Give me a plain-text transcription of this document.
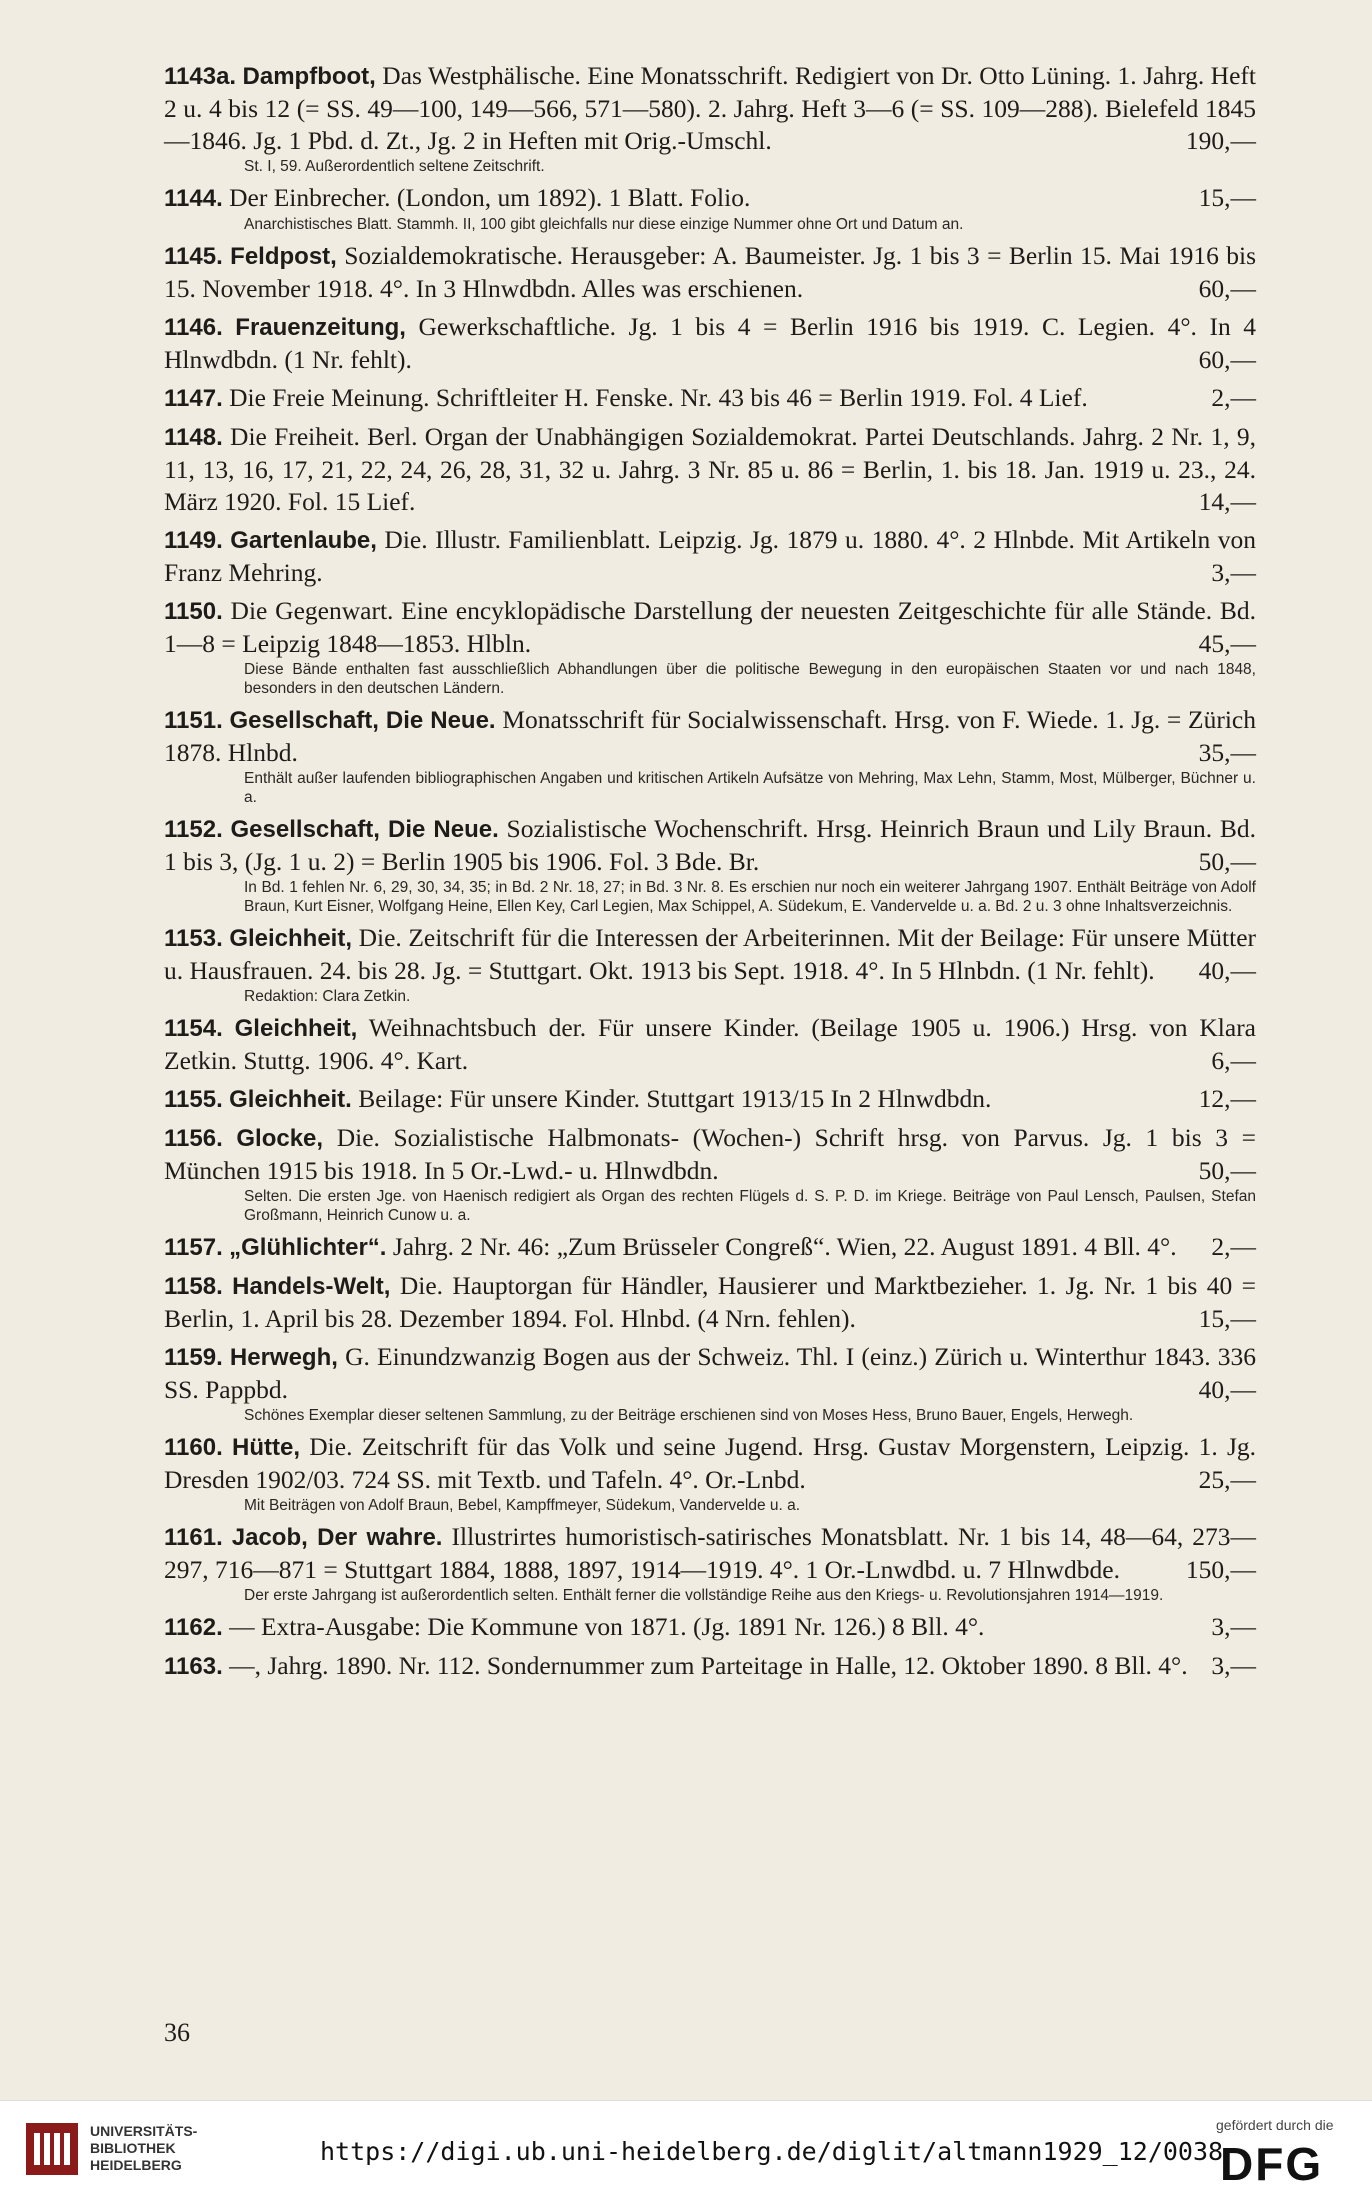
1143a. Dampfboot, Das Westphälische. Eine Monatsschrift. Redigiert von Dr. Otto Lüning. 1. Jahrg. Heft 2 u. 4 bis 12 (= SS. 49—100, 149—566, 571—580). 2. Jahrg. Heft 3—6 (= SS. 109—288). Bielefeld 1845—1846. Jg. 1 Pbd. d. Zt., Jg. 2 in Heften mit Orig.-Umschl.	190,—
St. I, 59. Außerordentlich seltene Zeitschrift.
1144. Der Einbrecher. (London, um 1892). 1 Blatt. Folio.	15,—
Anarchistisches Blatt. Stammh. II, 100 gibt gleichfalls nur diese einzige Nummer ohne Ort und Datum an.
1145. Feldpost, Sozialdemokratische. Herausgeber: A. Baumeister. Jg. 1 bis 3 = Berlin 15. Mai 1916 bis 15. November 1918. 4°. In 3 Hlnwdbdn. Alles was erschienen.	60,—
1146. Frauenzeitung, Gewerkschaftliche. Jg. 1 bis 4 = Berlin 1916 bis 1919. C. Legien. 4°. In 4 Hlnwdbdn. (1 Nr. fehlt).	60,—
1147. Die Freie Meinung. Schriftleiter H. Fenske. Nr. 43 bis 46 = Berlin 1919. Fol. 4 Lief.	2,—
1148. Die Freiheit. Berl. Organ der Unabhängigen Sozialdemokrat. Partei Deutschlands. Jahrg. 2 Nr. 1, 9, 11, 13, 16, 17, 21, 22, 24, 26, 28, 31, 32 u. Jahrg. 3 Nr. 85 u. 86 = Berlin, 1. bis 18. Jan. 1919 u. 23., 24. März 1920. Fol. 15 Lief.	14,—
1149. Gartenlaube, Die. Illustr. Familienblatt. Leipzig. Jg. 1879 u. 1880. 4°. 2 Hlnbde. Mit Artikeln von Franz Mehring.	3,—
1150. Die Gegenwart. Eine encyklopädische Darstellung der neuesten Zeitgeschichte für alle Stände. Bd. 1—8 = Leipzig 1848—1853. Hlbln.	45,—
Diese Bände enthalten fast ausschließlich Abhandlungen über die politische Bewegung in den europäischen Staaten vor und nach 1848, besonders in den deutschen Ländern.
1151. Gesellschaft, Die Neue. Monatsschrift für Socialwissenschaft. Hrsg. von F. Wiede. 1. Jg. = Zürich 1878. Hlnbd.	35,—
Enthält außer laufenden bibliographischen Angaben und kritischen Artikeln Aufsätze von Mehring, Max Lehn, Stamm, Most, Mülberger, Büchner u. a.
1152. Gesellschaft, Die Neue. Sozialistische Wochenschrift. Hrsg. Heinrich Braun und Lily Braun. Bd. 1 bis 3, (Jg. 1 u. 2) = Berlin 1905 bis 1906. Fol. 3 Bde. Br.	50,—
In Bd. 1 fehlen Nr. 6, 29, 30, 34, 35; in Bd. 2 Nr. 18, 27; in Bd. 3 Nr. 8. Es erschien nur noch ein weiterer Jahrgang 1907. Enthält Beiträge von Adolf Braun, Kurt Eisner, Wolfgang Heine, Ellen Key, Carl Legien, Max Schippel, A. Südekum, E. Vandervelde u. a. Bd. 2 u. 3 ohne Inhaltsverzeichnis.
1153. Gleichheit, Die. Zeitschrift für die Interessen der Arbeiterinnen. Mit der Beilage: Für unsere Mütter u. Hausfrauen. 24. bis 28. Jg. = Stuttgart. Okt. 1913 bis Sept. 1918. 4°. In 5 Hlnbdn. (1 Nr. fehlt). 40,—
Redaktion: Clara Zetkin.
1154. Gleichheit, Weihnachtsbuch der. Für unsere Kinder. (Beilage 1905 u. 1906.) Hrsg. von Klara Zetkin. Stuttg. 1906. 4°. Kart.	6,—
1155. Gleichheit. Beilage: Für unsere Kinder. Stuttgart 1913/15 In 2 Hlnwdbdn.	12,—
1156. Glocke, Die. Sozialistische Halbmonats- (Wochen-) Schrift hrsg. von Parvus. Jg. 1 bis 3 = München 1915 bis 1918. In 5 Or.-Lwd.- u. Hlnwdbdn.	50,—
Selten. Die ersten Jge. von Haenisch redigiert als Organ des rechten Flügels d. S. P. D. im Kriege. Beiträge von Paul Lensch, Paulsen, Stefan Großmann, Heinrich Cunow u. a.
1157. „Glühlichter“. Jahrg. 2 Nr. 46: „Zum Brüsseler Congreß“. Wien, 22. August 1891. 4 Bll. 4°. 2,—
1158. Handels-Welt, Die. Hauptorgan für Händler, Hausierer und Marktbezieher. 1. Jg. Nr. 1 bis 40 = Berlin, 1. April bis 28. Dezember 1894. Fol. Hlnbd. (4 Nrn. fehlen).	15,—
1159. Herwegh, G. Einundzwanzig Bogen aus der Schweiz. Thl. I (einz.) Zürich u. Winterthur 1843. 336 SS. Pappbd.	40,—
Schönes Exemplar dieser seltenen Sammlung, zu der Beiträge erschienen sind von Moses Hess, Bruno Bauer, Engels, Herwegh.
1160. Hütte, Die. Zeitschrift für das Volk und seine Jugend. Hrsg. Gustav Morgenstern, Leipzig. 1. Jg. Dresden 1902/03. 724 SS. mit Textb. und Tafeln. 4°. Or.-Lnbd.	25,—
Mit Beiträgen von Adolf Braun, Bebel, Kampffmeyer, Südekum, Vandervelde u. a.
1161. Jacob, Der wahre. Illustrirtes humoristisch-satirisches Monatsblatt. Nr. 1 bis 14, 48—64, 273—297, 716—871 = Stuttgart 1884, 1888, 1897, 1914—1919. 4°. 1 Or.-Lnwdbd. u. 7 Hlnwdbde.	150,—
Der erste Jahrgang ist außerordentlich selten. Enthält ferner die vollständige Reihe aus den Kriegs- u. Revolutionsjahren 1914—1919.
1162. — Extra-Ausgabe: Die Kommune von 1871. (Jg. 1891 Nr. 126.) 8 Bll. 4°.	3,—
1163. —, Jahrg. 1890. Nr. 112. Sondernummer zum Parteitage in Halle, 12. Oktober 1890. 8 Bll. 4°. 3,—
36
UNIVERSITÄTS-
BIBLIOTHEK
HEIDELBERG	https://digi.ub.uni-heidelberg.de/diglit/altmann1929_12/0038
gefördert durch die
DFG
